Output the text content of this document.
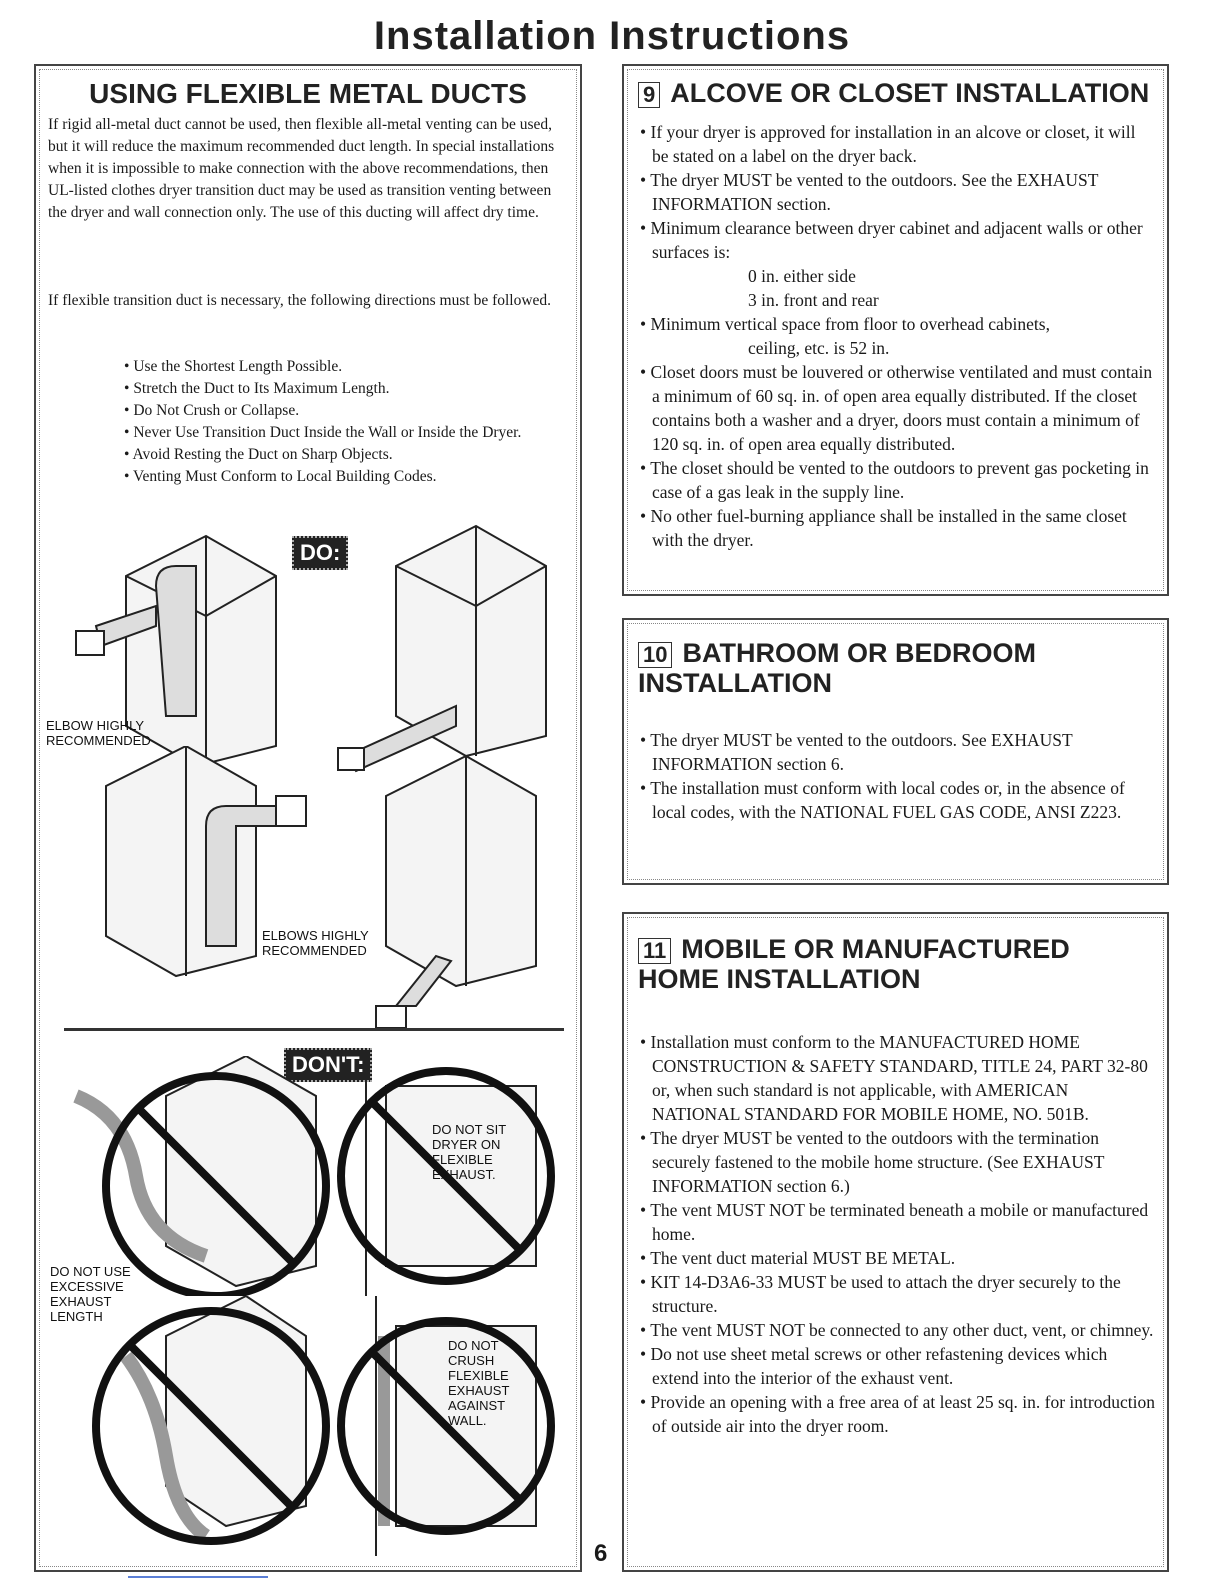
Installation Instructions
USING FLEXIBLE METAL DUCTS

If rigid all-metal duct cannot be used, then flexible all-metal venting can be used, but it will reduce the maximum recommended duct length. In special installations when it is impossible to make connection with the above recommendations, then UL-listed clothes dryer transition duct may be used as transition venting between the dryer and wall connection only. The use of this ducting will affect dry time.

If flexible transition duct is necessary, the following directions must be followed.

• Use the Shortest Length Possible.
• Stretch the Duct to Its Maximum Length.
• Do Not Crush or Collapse.
• Never Use Transition Duct Inside the Wall or Inside the Dryer.
• Avoid Resting the Duct on Sharp Objects.
• Venting Must Conform to Local Building Codes.
DO:
ELBOW HIGHLY RECOMMENDED
ELBOWS HIGHLY RECOMMENDED
DON'T:
DO NOT USE EXCESSIVE EXHAUST LENGTH
DO NOT SIT DRYER ON FLEXIBLE EXHAUST.
DO NOT CRUSH FLEXIBLE EXHAUST AGAINST WALL.
9 ALCOVE OR CLOSET INSTALLATION
• If your dryer is approved for installation in an alcove or closet, it will be stated on a label on the dryer back.
• The dryer MUST be vented to the outdoors. See the EXHAUST INFORMATION section.
• Minimum clearance between dryer cabinet and adjacent walls or other surfaces is:
0 in. either side
3 in. front and rear
• Minimum vertical space from floor to overhead cabinets,
ceiling, etc. is 52 in.
• Closet doors must be louvered or otherwise ventilated and must contain a minimum of 60 sq. in. of open area equally distributed. If the closet contains both a washer and a dryer, doors must contain a minimum of 120 sq. in. of open area equally distributed.
• The closet should be vented to the outdoors to prevent gas pocketing in case of a gas leak in the supply line.
• No other fuel-burning appliance shall be installed in the same closet with the dryer.
10 BATHROOM OR BEDROOM INSTALLATION
• The dryer MUST be vented to the outdoors. See EXHAUST INFORMATION section 6.
• The installation must conform with local codes or, in the absence of local codes, with the NATIONAL FUEL GAS CODE, ANSI Z223.
11 MOBILE OR MANUFACTURED HOME INSTALLATION
• Installation must conform to the MANUFACTURED HOME CONSTRUCTION & SAFETY STANDARD, TITLE 24, PART 32-80 or, when such standard is not applicable, with AMERICAN NATIONAL STANDARD FOR MOBILE HOME, NO. 501B.
• The dryer MUST be vented to the outdoors with the termination securely fastened to the mobile home structure. (See EXHAUST INFORMATION section 6.)
• The vent MUST NOT be terminated beneath a mobile or manufactured home.
• The vent duct material MUST BE METAL.
• KIT 14-D3A6-33 MUST be used to attach the dryer securely to the structure.
• The vent MUST NOT be connected to any other duct, vent, or chimney.
• Do not use sheet metal screws or other refastening devices which extend into the interior of the exhaust vent.
• Provide an opening with a free area of at least 25 sq. in. for introduction of outside air into the dryer room.
6
